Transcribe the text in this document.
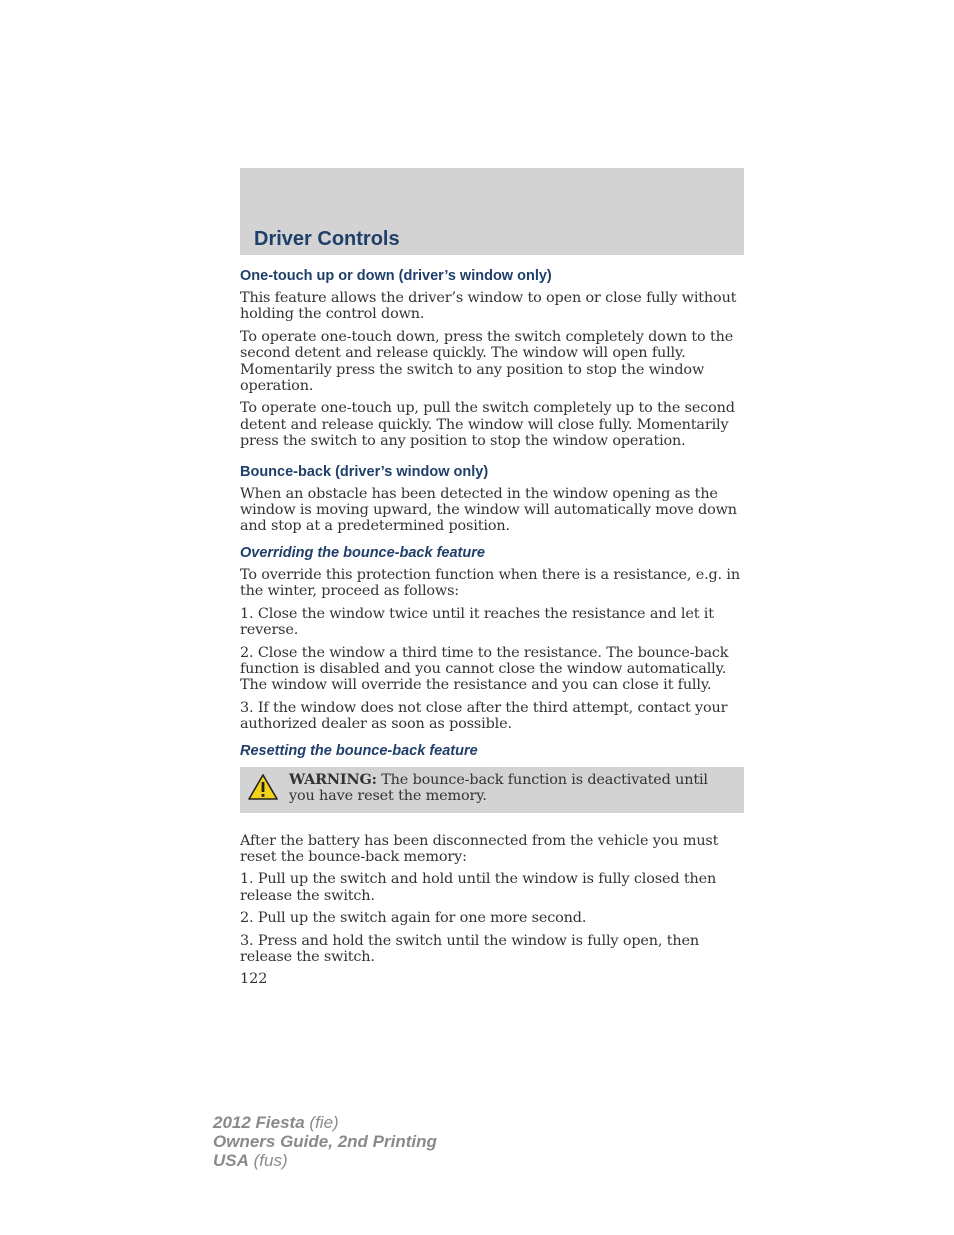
Driver Controls
One-touch up or down (driver’s window only)

This feature allows the driver’s window to open or close fully without holding the control down.

To operate one-touch down, press the switch completely down to the second detent and release quickly. The window will open fully. Momentarily press the switch to any position to stop the window operation.

To operate one-touch up, pull the switch completely up to the second detent and release quickly. The window will close fully. Momentarily press the switch to any position to stop the window operation.

Bounce-back (driver’s window only)

When an obstacle has been detected in the window opening as the window is moving upward, the window will automatically move down and stop at a predetermined position.

Overriding the bounce-back feature

To override this protection function when there is a resistance, e.g. in the winter, proceed as follows:

1. Close the window twice until it reaches the resistance and let it reverse.

2. Close the window a third time to the resistance. The bounce-back function is disabled and you cannot close the window automatically. The window will override the resistance and you can close it fully.

3. If the window does not close after the third attempt, contact your authorized dealer as soon as possible.

Resetting the bounce-back feature
WARNING: The bounce-back function is deactivated until you have reset the memory.

After the battery has been disconnected from the vehicle you must reset the bounce-back memory:

1. Pull up the switch and hold until the window is fully closed then release the switch.

2. Pull up the switch again for one more second.

3. Press and hold the switch until the window is fully open, then release the switch.

122
2012 Fiesta (fie)
Owners Guide, 2nd Printing
USA (fus)
